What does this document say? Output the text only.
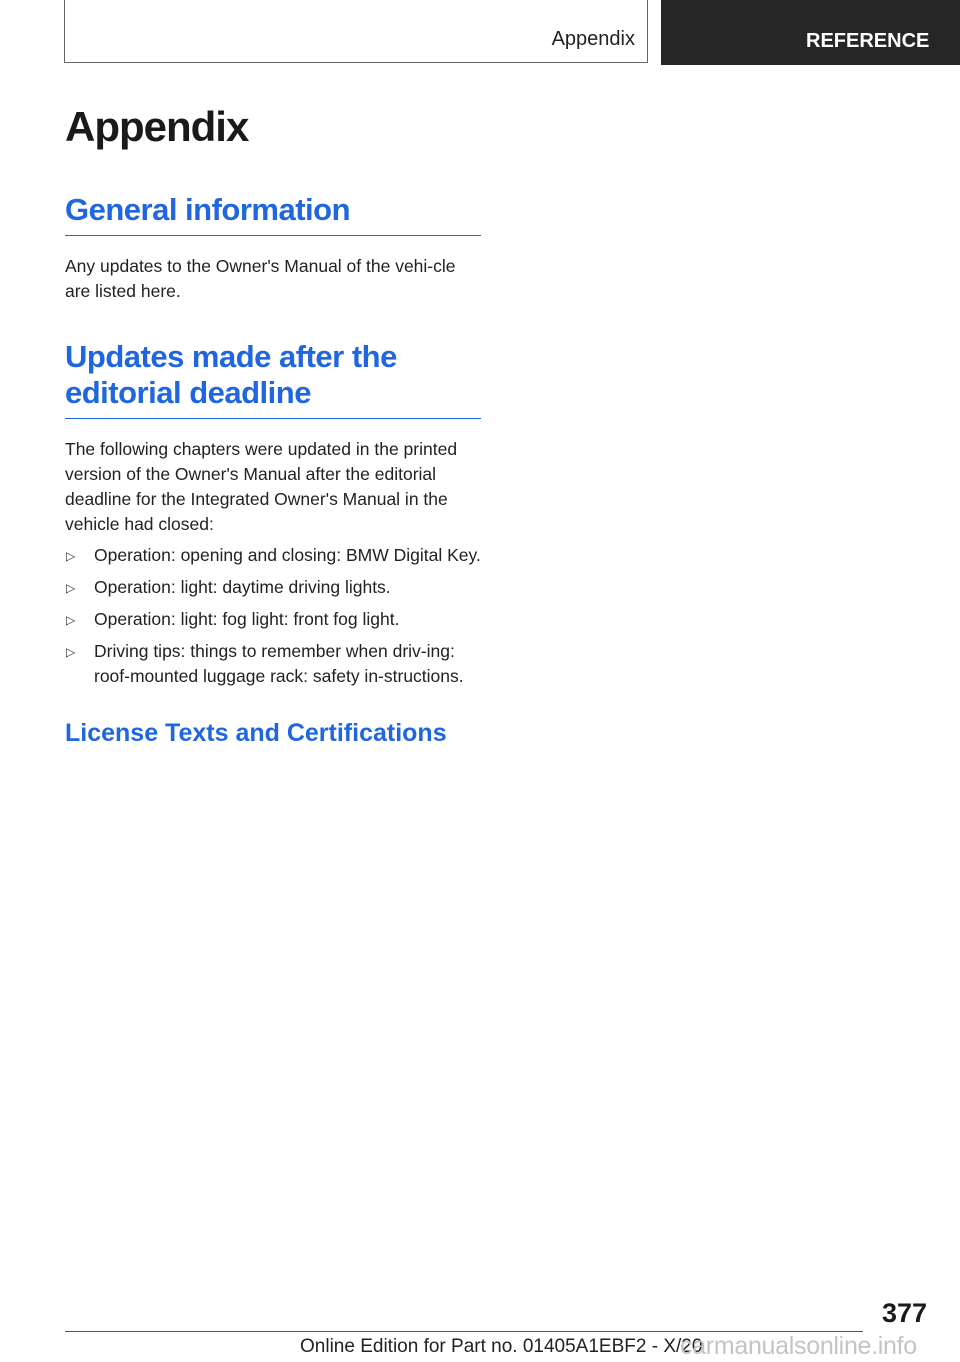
Appendix	REFERENCE
Appendix
General information

Any updates to the Owner's Manual of the vehi-cle are listed here.

Updates made after the editorial deadline

The following chapters were updated in the printed version of the Owner's Manual after the editorial deadline for the Integrated Owner's Manual in the vehicle had closed:

▷ Operation: opening and closing: BMW Digital Key.
▷ Operation: light: daytime driving lights.
▷ Operation: light: fog light: front fog light.
▷ Driving tips: things to remember when driv-ing: roof-mounted luggage rack: safety in-structions.
License Texts and Certifications
377
Online Edition for Part no. 01405A1EBF2 - X/20
carmanualsonline.info
